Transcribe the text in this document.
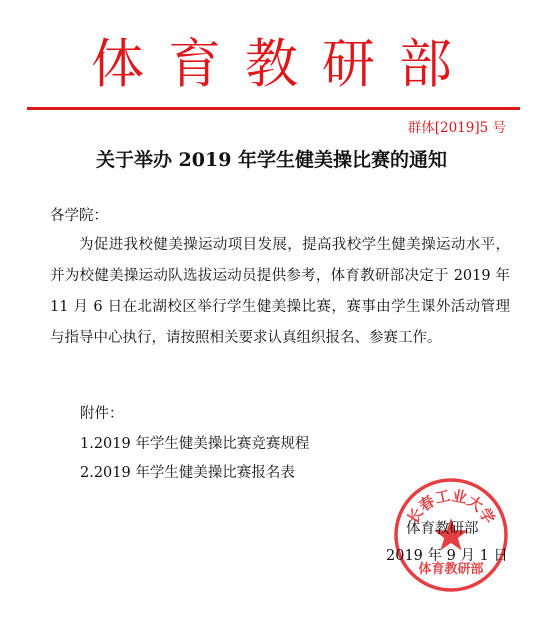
体育教研部
群体[2019]5 号
关于举办 2019 年学生健美操比赛的通知
各学院：
为促进我校健美操运动项目发展，提高我校学生健美操运动水平，并为校健美操运动队选拔运动员提供参考，体育教研部决定于 2019 年 11 月 6 日在北湖校区举行学生健美操比赛，赛事由学生课外活动管理与指导中心执行，请按照相关要求认真组织报名、参赛工作。
附件：
1.2019 年学生健美操比赛竞赛规程
2.2019 年学生健美操比赛报名表
长春工业大学
体育教研部
体育教研部
2019 年 9 月 1 日
